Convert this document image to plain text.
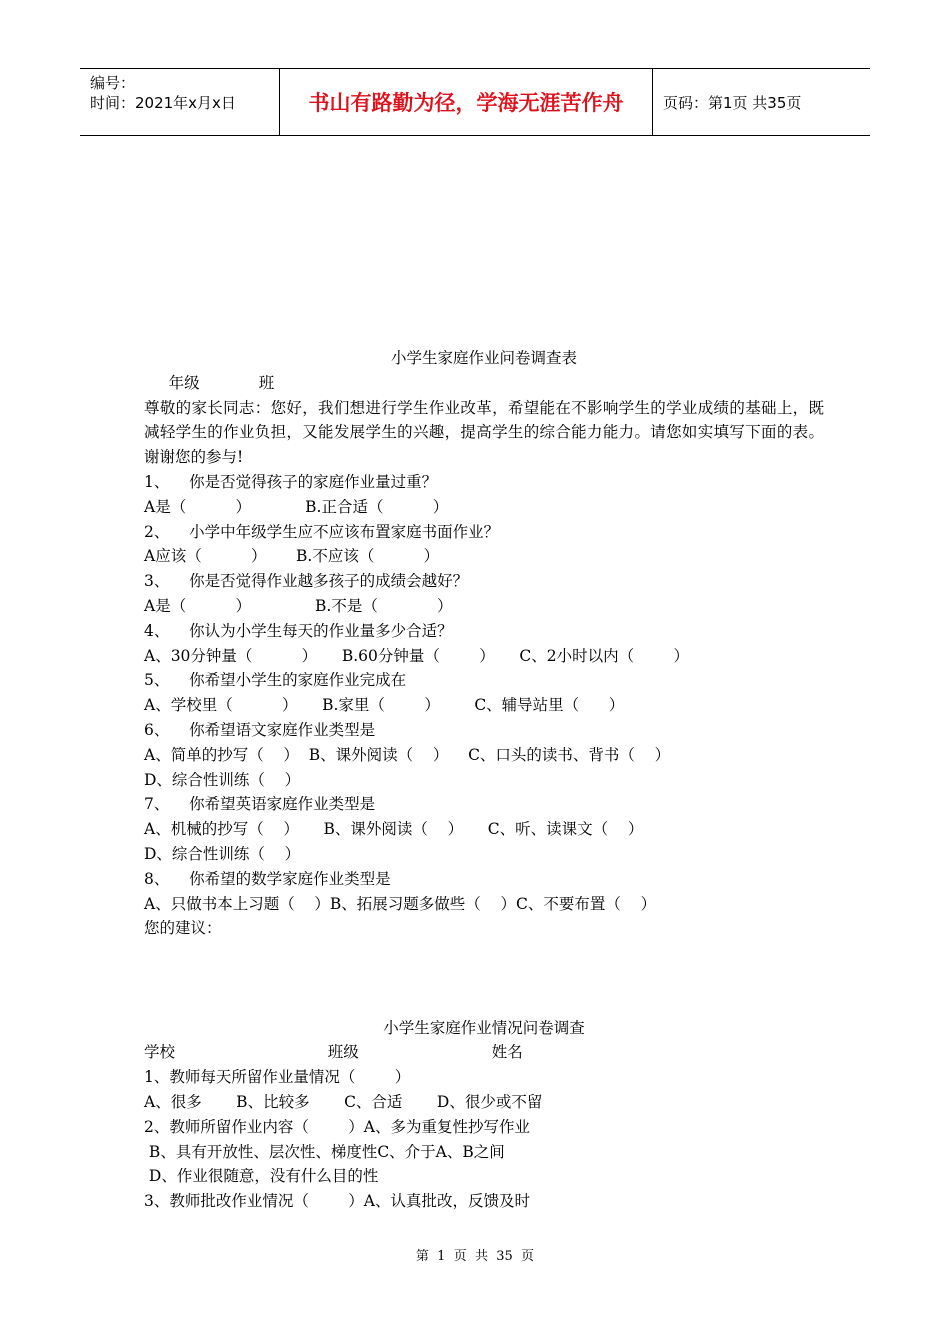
编号：
时间：2021年x月x日	书山有路勤为径，学海无涯苦作舟	页码：第1页 共35页
小学生家庭作业问卷调查表
年级            班
尊敬的家长同志：您好，我们想进行学生作业改革，希望能在不影响学生的学业成绩的基础上，既减轻学生的作业负担，又能发展学生的兴趣，提高学生的综合能力能力。请您如实填写下面的表。谢谢您的参与!
1、    你是否觉得孩子的家庭作业量过重？
A是（          ）           B.正合适（          ）
2、    小学中年级学生应不应该布置家庭书面作业？
A应该（          ）      B.不应该（          ）
3、    你是否觉得作业越多孩子的成绩会越好？
A是（          ）             B.不是（            ）
4、    你认为小学生每天的作业量多少合适？
A、30分钟量（          ）     B.60分钟量（        ）     C、2小时以内（        ）
5、    你希望小学生的家庭作业完成在
A、学校里（          ）     B.家里（        ）       C、辅导站里（      ）
6、    你希望语文家庭作业类型是
A、简单的抄写（    ）  B、课外阅读（    ）    C、口头的读书、背书（    ）
D、综合性训练（    ）
7、    你希望英语家庭作业类型是
A、机械的抄写（    ）     B、课外阅读（    ）     C、听、读课文（    ）
D、综合性训练（    ）
8、    你希望的数学家庭作业类型是
A、只做书本上习题（    ）B、拓展习题多做些（    ）C、不要布置（    ）
您的建议：
小学生家庭作业情况问卷调查
学校                               班级                           姓名
1、教师每天所留作业量情况（        ）
A、很多       B、比较多       C、合适       D、很少或不留
2、教师所留作业内容（        ）A、多为重复性抄写作业
B、具有开放性、层次性、梯度性C、介于A、B之间
D、作业很随意，没有什么目的性
3、教师批改作业情况（        ）A、认真批改，反馈及时
第  1  页  共  35  页
